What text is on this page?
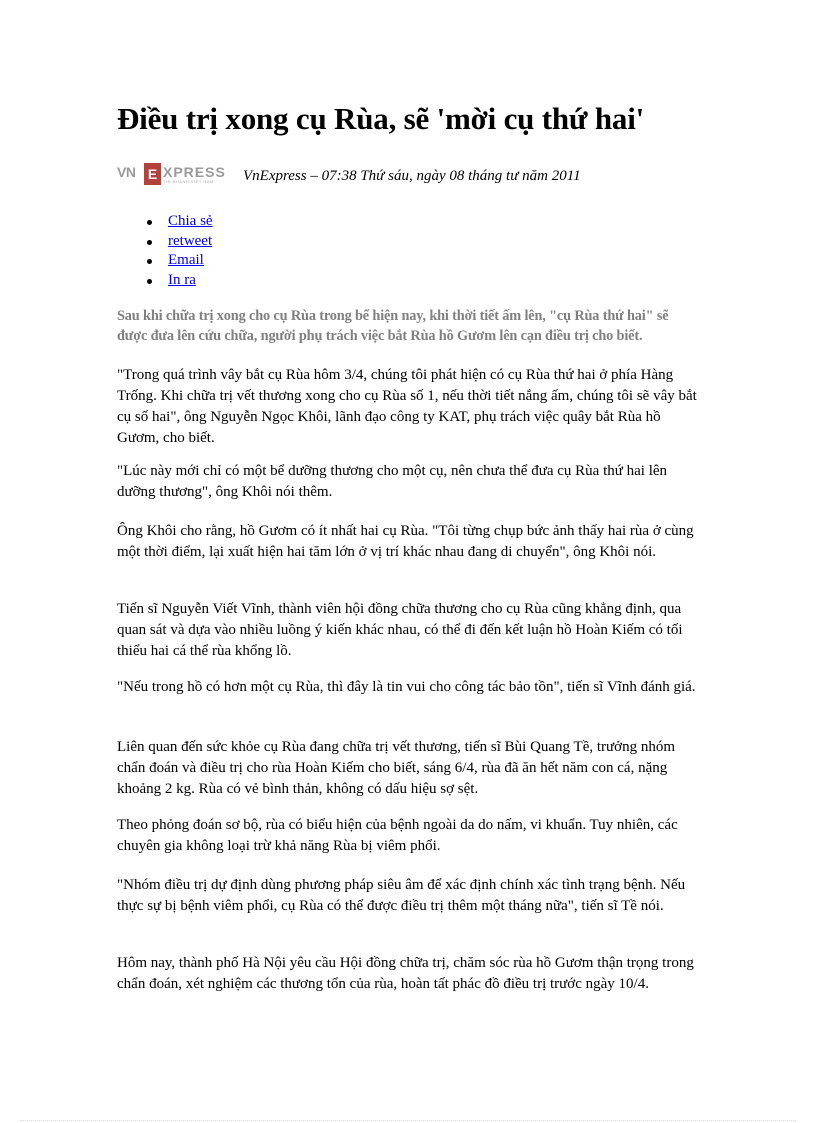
Điều trị xong cụ Rùa, sẽ 'mời cụ thứ hai'
VN E XPRESS
TIN NHANH VIỆT NAM VnExpress – 07:38 Thứ sáu, ngày 08 tháng tư năm 2011
Chia sẻ
retweet
Email
In ra

Sau khi chữa trị xong cho cụ Rùa trong bể hiện nay, khi thời tiết ấm lên, "cụ Rùa thứ hai" sẽ được đưa lên cứu chữa, người phụ trách việc bắt Rùa hồ Gươm lên cạn điều trị cho biết.

"Trong quá trình vây bắt cụ Rùa hôm 3/4, chúng tôi phát hiện có cụ Rùa thứ hai ở phía Hàng Trống. Khi chữa trị vết thương xong cho cụ Rùa số 1, nếu thời tiết nắng ấm, chúng tôi sẽ vây bắt cụ số hai", ông Nguyễn Ngọc Khôi, lãnh đạo công ty KAT, phụ trách việc quây bắt Rùa hồ Gươm, cho biết.

"Lúc này mới chỉ có một bể dưỡng thương cho một cụ, nên chưa thể đưa cụ Rùa thứ hai lên dưỡng thương", ông Khôi nói thêm.

Ông Khôi cho rằng, hồ Gươm có ít nhất hai cụ Rùa. "Tôi từng chụp bức ảnh thấy hai rùa ở cùng một thời điểm, lại xuất hiện hai tăm lớn ở vị trí khác nhau đang di chuyển", ông Khôi nói.

Tiến sĩ Nguyễn Viết Vĩnh, thành viên hội đồng chữa thương cho cụ Rùa cũng khẳng định, qua quan sát và dựa vào nhiều luồng ý kiến khác nhau, có thể đi đến kết luận hồ Hoàn Kiếm có tối thiểu hai cá thể rùa khổng lồ.

"Nếu trong hồ có hơn một cụ Rùa, thì đây là tin vui cho công tác bảo tồn", tiến sĩ Vĩnh đánh giá.

Liên quan đến sức khỏe cụ Rùa đang chữa trị vết thương, tiến sĩ Bùi Quang Tề, trưởng nhóm chẩn đoán và điều trị cho rùa Hoàn Kiếm cho biết, sáng 6/4, rùa đã ăn hết năm con cá, nặng khoảng 2 kg. Rùa có vẻ bình thản, không có dấu hiệu sợ sệt.

Theo phỏng đoán sơ bộ, rùa có biểu hiện của bệnh ngoài da do nấm, vi khuẩn. Tuy nhiên, các chuyên gia không loại trừ khả năng Rùa bị viêm phổi.

"Nhóm điều trị dự định dùng phương pháp siêu âm để xác định chính xác tình trạng bệnh. Nếu thực sự bị bệnh viêm phổi, cụ Rùa có thể được điều trị thêm một tháng nữa", tiến sĩ Tề nói.

Hôm nay, thành phố Hà Nội yêu cầu Hội đồng chữa trị, chăm sóc rùa hồ Gươm thận trọng trong chẩn đoán, xét nghiệm các thương tổn của rùa, hoàn tất phác đồ điều trị trước ngày 10/4.
